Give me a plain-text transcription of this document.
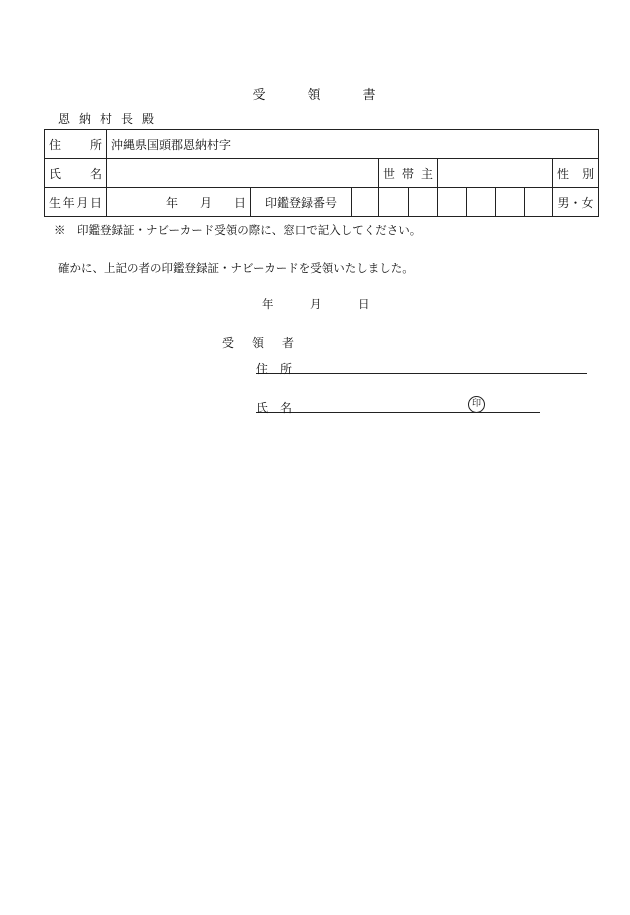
受	領	書
恩納村長殿
住所	沖縄県国頭郡恩納村字									
氏名				世帯主						性別
生年月日	年 月 日	印鑑登録番号								男・女
※　印鑑登録証・ナビーカード受領の際に、窓口で記入してください。
確かに、上記の者の印鑑登録証・ナビーカードを受領いたしました。
年	月	日
受 領 者
住 所
氏 名	印
